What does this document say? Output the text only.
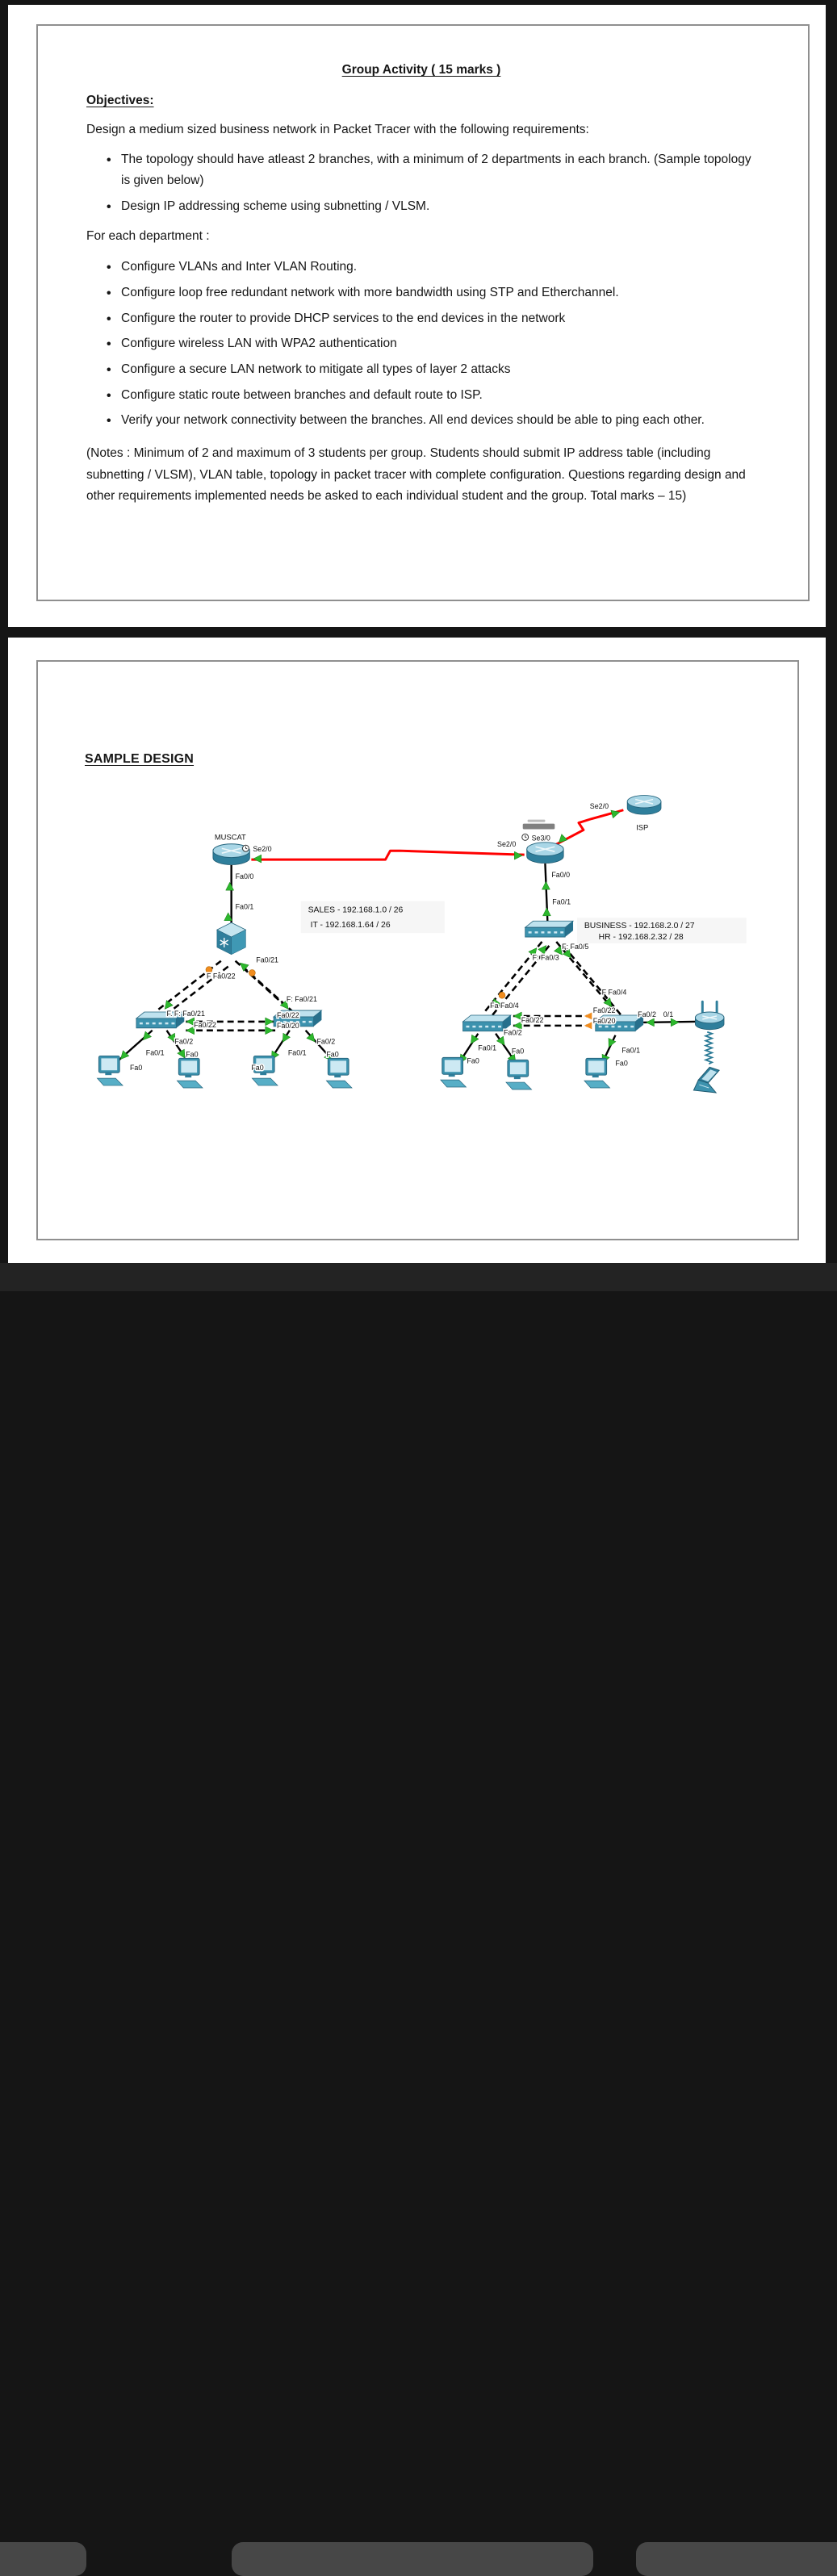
Group Activity ( 15 marks )
Objectives:

Design a medium sized business network in Packet Tracer with the following requirements:

• The topology should have atleast 2 branches, with a minimum of 2 departments in each branch. (Sample topology is given below)
• Design IP addressing scheme using subnetting / VLSM.

For each department :

• Configure VLANs and Inter VLAN Routing.
• Configure loop free redundant network with more bandwidth using STP and Etherchannel.
• Configure the router to provide DHCP services to the end devices in the network
• Configure wireless LAN with WPA2 authentication
• Configure a secure LAN network to mitigate all types of layer 2 attacks
• Configure static route between branches and default route to ISP.
• Verify your network connectivity between the branches. All end devices should be able to ping each other.

(Notes : Minimum of 2 and maximum of 3 students per group. Students should submit IP address table (including subnetting / VLSM), VLAN table, topology in packet tracer with complete configuration. Questions regarding design and other requirements implemented needs be asked to each individual student and the group. Total marks – 15)

SAMPLE DESIGN
SALES - 192.168.1.0 / 26
IT - 192.168.1.64 / 26	BUSINESS - 192.168.2.0 / 27
HR - 192.168.2.32 / 28
MUSCAT
ISP
Se2/0
Fa0/0
Fa0/1
Se2/0
Se3/0
Fa0/0
Fa0/1
Se2/0
Fa0/21
F Fa0/22
F: Fa0/21
F. F: Fa0/21	Fa0/22
Fa0/22	Fa0/20
Fa0/1
Fa0/2
Fa0
Fa0	Fa0/1
Fa0/2
Fa0
Fa0
F: Fa0/5
F: Fa0/3
F Fa0/4
Fa Fa0/4
Fa0/22	Fa0/20
Fa0/22
Fa0/1
Fa0/2
Fa0
Fa0	Fa0/1
Fa0
Fa0/2 0/1
